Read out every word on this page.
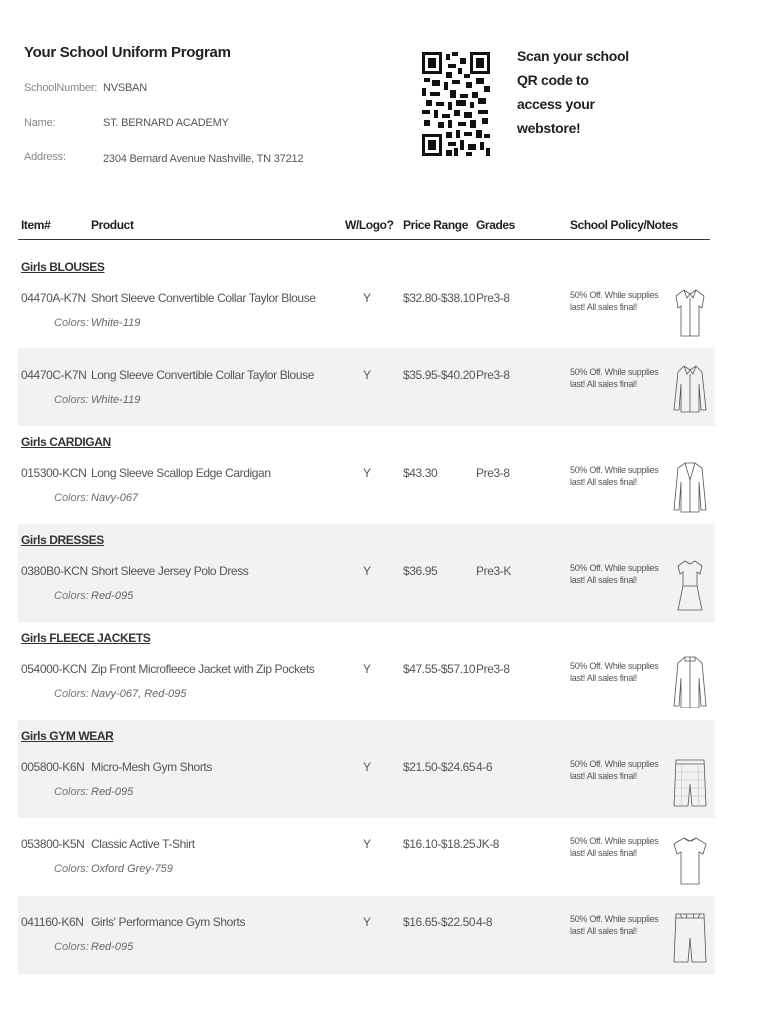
Your School Uniform Program
SchoolNumber: NVSBAN
Name:	ST. BERNARD ACADEMY
Address:	2304 Bernard Avenue Nashville, TN 37212
Scan your school QR code to access your webstore!
Item#	Product	W/Logo? Price Range Grades	School Policy/Notes
Girls BLOUSES
04470A-K7N Short Sleeve Convertible Collar Taylor Blouse	Y	$32.80-$38.10 Pre3-8
Colors: White-119
50% Off. While supplies last! All sales final!
04470C-K7N Long Sleeve Convertible Collar Taylor Blouse	Y	$35.95-$40.20 Pre3-8
Colors: White-119
50% Off. While supplies last! All sales final!
Girls CARDIGAN
015300-KCN Long Sleeve Scallop Edge Cardigan	Y	$43.30	Pre3-8
Colors: Navy-067
50% Off. While supplies last! All sales final!
Girls DRESSES
0380B0-KCN Short Sleeve Jersey Polo Dress	Y	$36.95	Pre3-K
Colors: Red-095
50% Off. While supplies last! All sales final!
Girls FLEECE JACKETS
054000-KCN Zip Front Microfleece Jacket with Zip Pockets	Y	$47.55-$57.10 Pre3-8
Colors: Navy-067, Red-095
50% Off. While supplies last! All sales final!
Girls GYM WEAR
005800-K6N Micro-Mesh Gym Shorts	Y	$21.50-$24.65 4-6
Colors: Red-095
50% Off. While supplies last! All sales final!
053800-K5N Classic Active T-Shirt	Y	$16.10-$18.25 JK-8
Colors: Oxford Grey-759
50% Off. While supplies last! All sales final!
041160-K6N Girls' Performance Gym Shorts	Y	$16.65-$22.50 4-8
Colors: Red-095
50% Off. While supplies last! All sales final!
